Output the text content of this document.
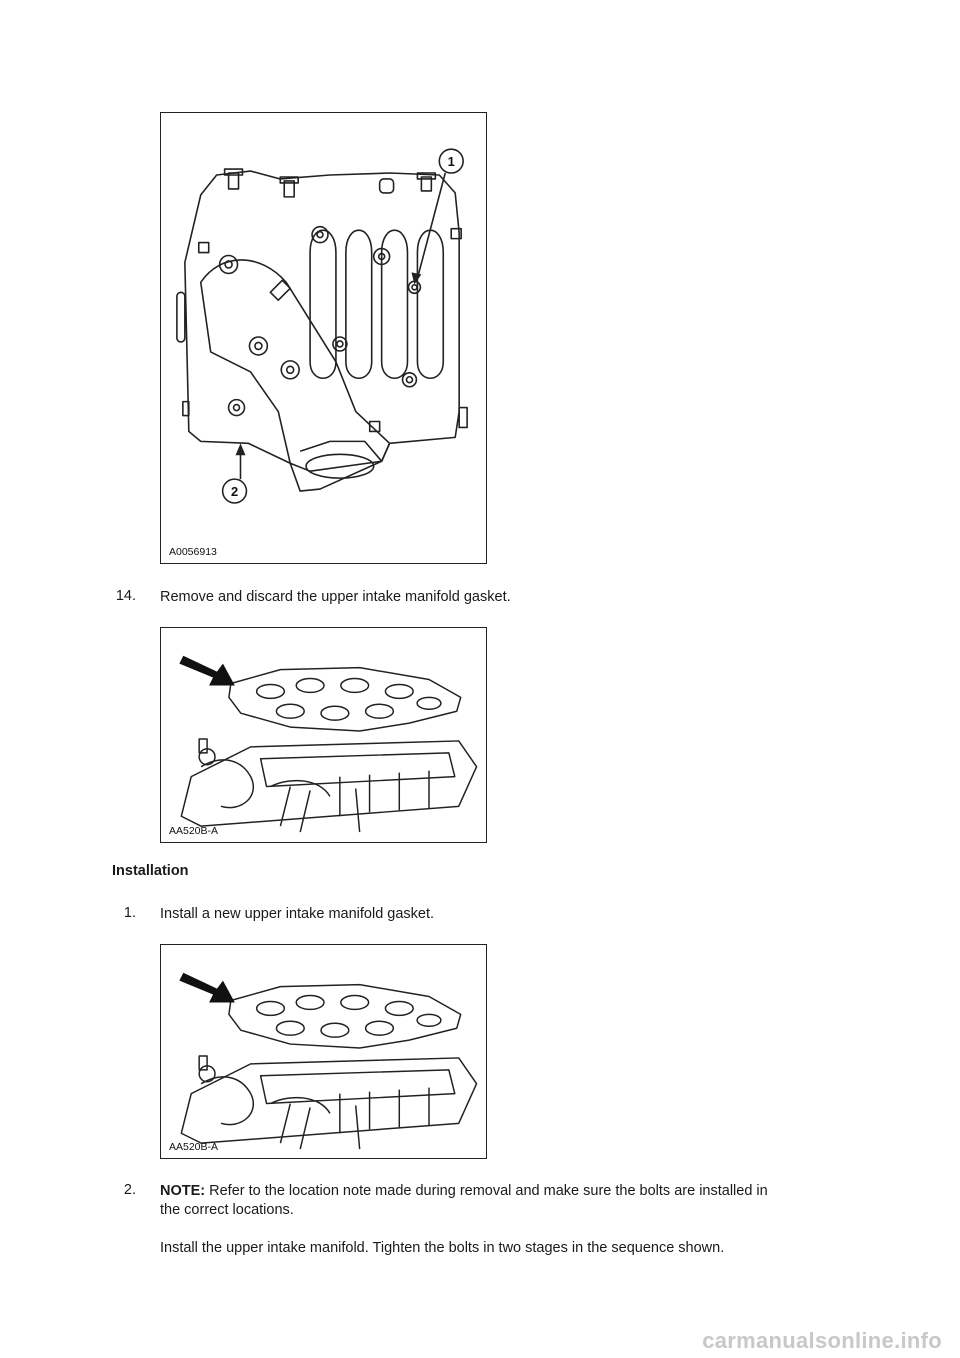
1
2
A0056913
14. Remove and discard the upper intake manifold gasket.
AA520B-A
Installation
1. Install a new upper intake manifold gasket.
AA520B-A
2. NOTE: Refer to the location note made during removal and make sure the bolts are installed in
the correct locations.
Install the upper intake manifold. Tighten the bolts in two stages in the sequence shown.
carmanualsonline.info
